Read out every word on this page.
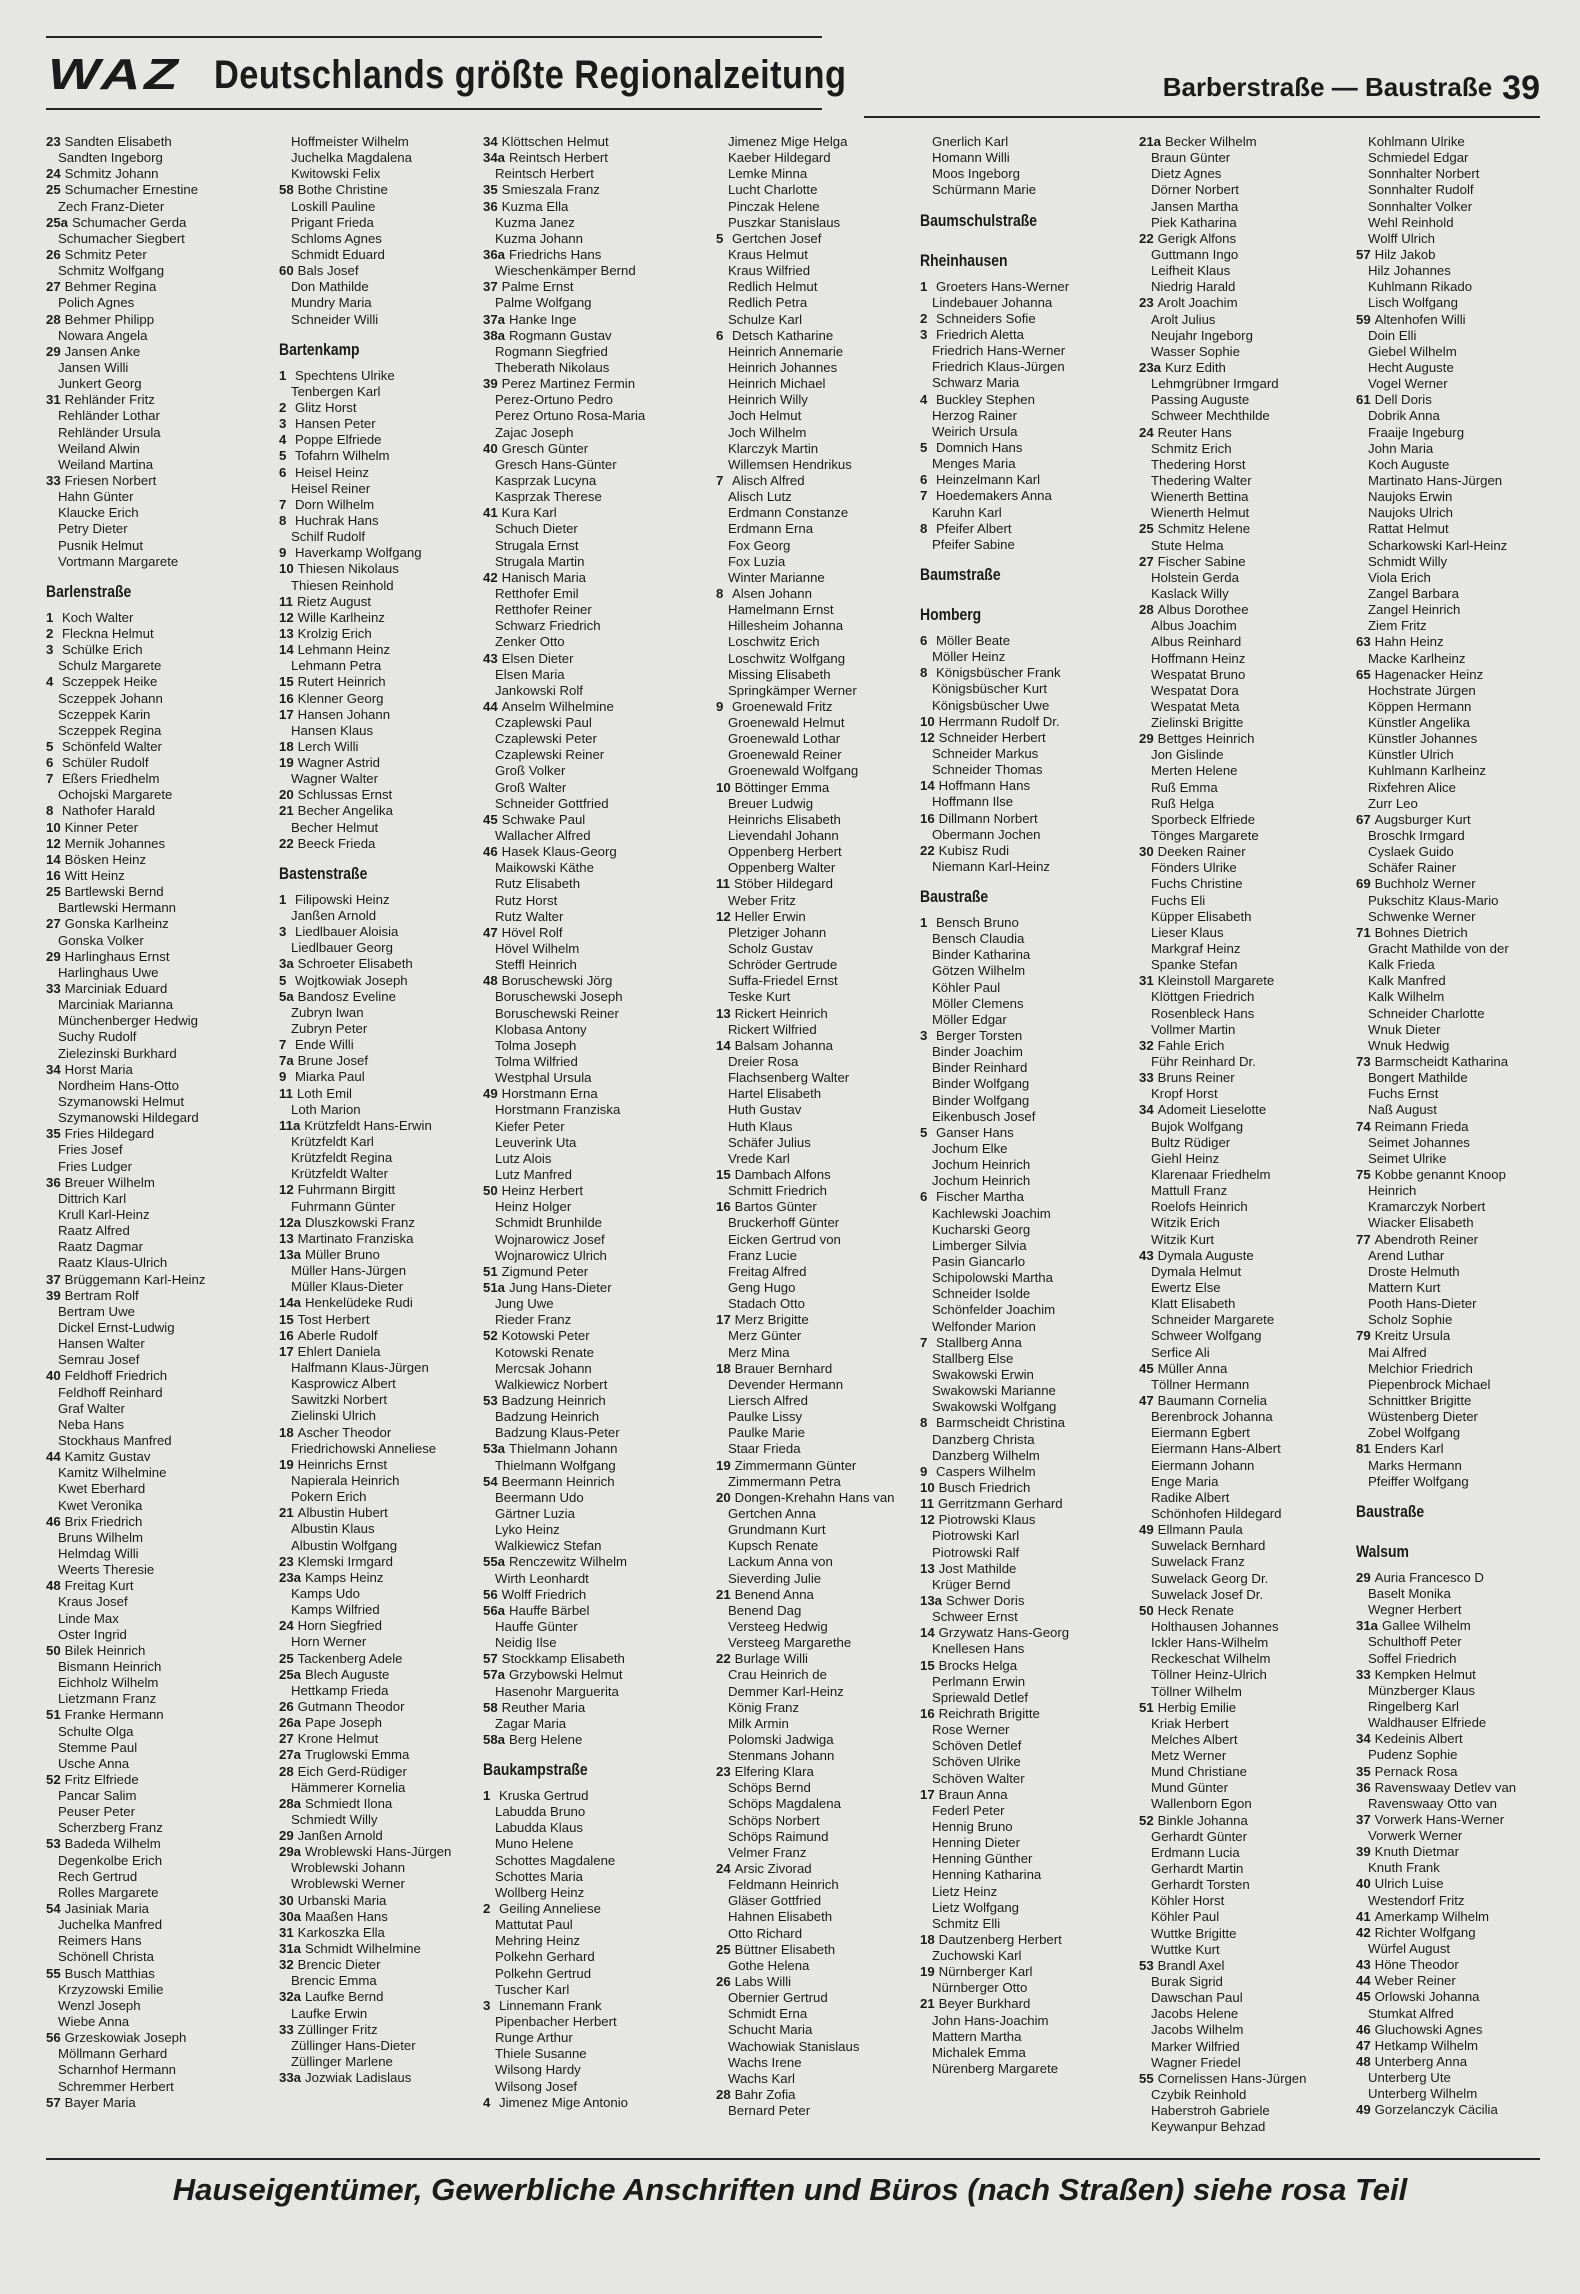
WAZ Deutschlands größte Regionalzeitung	Barberstraße — Baustraße 39
23 Sandten Elisabeth
Sandten Ingeborg
24 Schmitz Johann
25 Schumacher Ernestine
Zech Franz-Dieter
25a Schumacher Gerda
Schumacher Siegbert
26 Schmitz Peter
Schmitz Wolfgang
27 Behmer Regina
Polich Agnes
28 Behmer Philipp
Nowara Angela
29 Jansen Anke
Jansen Willi
Junkert Georg
31 Rehländer Fritz
Rehländer Lothar
Rehländer Ursula
Weiland Alwin
Weiland Martina
33 Friesen Norbert
Hahn Günter
Klaucke Erich
Petry Dieter
Pusnik Helmut
Vortmann Margarete
Barlenstraße
1 Koch Walter
2 Fleckna Helmut
3 Schülke Erich
Schulz Margarete
4 Sczeppek Heike
Sczeppek Johann
Sczeppek Karin
Sczeppek Regina
5 Schönfeld Walter
6 Schüler Rudolf
7 Eßers Friedhelm
Ochojski Margarete
8 Nathofer Harald
10 Kinner Peter
12 Mernik Johannes
14 Bösken Heinz
16 Witt Heinz
25 Bartlewski Bernd
Bartlewski Hermann
27 Gonska Karlheinz
Gonska Volker
29 Harlinghaus Ernst
Harlinghaus Uwe
33 Marciniak Eduard
Marciniak Marianna
Münchenberger Hedwig
Suchy Rudolf
Zielezinski Burkhard
34 Horst Maria
Nordheim Hans-Otto
Szymanowski Helmut
Szymanowski Hildegard
35 Fries Hildegard
Fries Josef
Fries Ludger
36 Breuer Wilhelm
Dittrich Karl
Krull Karl-Heinz
Raatz Alfred
Raatz Dagmar
Raatz Klaus-Ulrich
37 Brüggemann Karl-Heinz
39 Bertram Rolf
Bertram Uwe
Dickel Ernst-Ludwig
Hansen Walter
Semrau Josef
40 Feldhoff Friedrich
Feldhoff Reinhard
Graf Walter
Neba Hans
Stockhaus Manfred
44 Kamitz Gustav
Kamitz Wilhelmine
Kwet Eberhard
Kwet Veronika
46 Brix Friedrich
Bruns Wilhelm
Helmdag Willi
Weerts Theresie
48 Freitag Kurt
Kraus Josef
Linde Max
Oster Ingrid
50 Bilek Heinrich
Bismann Heinrich
Eichholz Wilhelm
Lietzmann Franz
51 Franke Hermann
Schulte Olga
Stemme Paul
Usche Anna
52 Fritz Elfriede
Pancar Salim
Peuser Peter
Scherzberg Franz
53 Badeda Wilhelm
Degenkolbe Erich
Rech Gertrud
Rolles Margarete
54 Jasiniak Maria
Juchelka Manfred
Reimers Hans
Schönell Christa
55 Busch Matthias
Krzyzowski Emilie
Wenzl Joseph
Wiebe Anna
56 Grzeskowiak Joseph
Möllmann Gerhard
Scharnhof Hermann
Schremmer Herbert
57 Bayer Maria
Hoffmeister Wilhelm
Juchelka Magdalena
Kwitowski Felix
58 Bothe Christine
Loskill Pauline
Prigant Frieda
Schloms Agnes
Schmidt Eduard
60 Bals Josef
Don Mathilde
Mundry Maria
Schneider Willi
Bartenkamp
1 Spechtens Ulrike
Tenbergen Karl
2 Glitz Horst
3 Hansen Peter
4 Poppe Elfriede
5 Tofahrn Wilhelm
6 Heisel Heinz
Heisel Reiner
7 Dorn Wilhelm
8 Huchrak Hans
Schilf Rudolf
9 Haverkamp Wolfgang
10 Thiesen Nikolaus
Thiesen Reinhold
11 Rietz August
12 Wille Karlheinz
13 Krolzig Erich
14 Lehmann Heinz
Lehmann Petra
15 Rutert Heinrich
16 Klenner Georg
17 Hansen Johann
Hansen Klaus
18 Lerch Willi
19 Wagner Astrid
Wagner Walter
20 Schlussas Ernst
21 Becher Angelika
Becher Helmut
22 Beeck Frieda
Bastenstraße
1 Filipowski Heinz
Janßen Arnold
3 Liedlbauer Aloisia
Liedlbauer Georg
3a Schroeter Elisabeth
5 Wojtkowiak Joseph
5a Bandosz Eveline
Zubryn Iwan
Zubryn Peter
7 Ende Willi
7a Brune Josef
9 Miarka Paul
11 Loth Emil
Loth Marion
11a Krützfeldt Hans-Erwin
Krützfeldt Karl
Krützfeldt Regina
Krützfeldt Walter
12 Fuhrmann Birgitt
Fuhrmann Günter
12a Dluszkowski Franz
13 Martinato Franziska
13a Müller Bruno
Müller Hans-Jürgen
Müller Klaus-Dieter
14a Henkelüdeke Rudi
15 Tost Herbert
16 Aberle Rudolf
17 Ehlert Daniela
Halfmann Klaus-Jürgen
Kasprowicz Albert
Sawitzki Norbert
Zielinski Ulrich
18 Ascher Theodor
Friedrichowski Anneliese
19 Heinrichs Ernst
Napierala Heinrich
Pokern Erich
21 Albustin Hubert
Albustin Klaus
Albustin Wolfgang
23 Klemski Irmgard
23a Kamps Heinz
Kamps Udo
Kamps Wilfried
24 Horn Siegfried
Horn Werner
25 Tackenberg Adele
25a Blech Auguste
Hettkamp Frieda
26 Gutmann Theodor
26a Pape Joseph
27 Krone Helmut
27a Truglowski Emma
28 Eich Gerd-Rüdiger
Hämmerer Kornelia
28a Schmiedt Ilona
Schmiedt Willy
29 Janßen Arnold
29a Wroblewski Hans-Jürgen
Wroblewski Johann
Wroblewski Werner
30 Urbanski Maria
30a Maaßen Hans
31 Karkoszka Ella
31a Schmidt Wilhelmine
32 Brencic Dieter
Brencic Emma
32a Laufke Bernd
Laufke Erwin
33 Züllinger Fritz
Züllinger Hans-Dieter
Züllinger Marlene
33a Jozwiak Ladislaus
34 Klöttschen Helmut
34a Reintsch Herbert
Reintsch Herbert
35 Smieszala Franz
36 Kuzma Ella
Kuzma Janez
Kuzma Johann
36a Friedrichs Hans
Wieschenkämper Bernd
37 Palme Ernst
Palme Wolfgang
37a Hanke Inge
38a Rogmann Gustav
Rogmann Siegfried
Theberath Nikolaus
39 Perez Martinez Fermin
Perez-Ortuno Pedro
Perez Ortuno Rosa-Maria
Zajac Joseph
40 Gresch Günter
Gresch Hans-Günter
Kasprzak Lucyna
Kasprzak Therese
41 Kura Karl
Schuch Dieter
Strugala Ernst
Strugala Martin
42 Hanisch Maria
Retthofer Emil
Retthofer Reiner
Schwarz Friedrich
Zenker Otto
43 Elsen Dieter
Elsen Maria
Jankowski Rolf
44 Anselm Wilhelmine
Czaplewski Paul
Czaplewski Peter
Czaplewski Reiner
Groß Volker
Groß Walter
Schneider Gottfried
45 Schwake Paul
Wallacher Alfred
46 Hasek Klaus-Georg
Maikowski Käthe
Rutz Elisabeth
Rutz Horst
Rutz Walter
47 Hövel Rolf
Hövel Wilhelm
Steffl Heinrich
48 Boruschewski Jörg
Boruschewski Joseph
Boruschewski Reiner
Klobasa Antony
Tolma Joseph
Tolma Wilfried
Westphal Ursula
49 Horstmann Erna
Horstmann Franziska
Kiefer Peter
Leuverink Uta
Lutz Alois
Lutz Manfred
50 Heinz Herbert
Heinz Holger
Schmidt Brunhilde
Wojnarowicz Josef
Wojnarowicz Ulrich
51 Zigmund Peter
51a Jung Hans-Dieter
Jung Uwe
Rieder Franz
52 Kotowski Peter
Kotowski Renate
Mercsak Johann
Walkiewicz Norbert
53 Badzung Heinrich
Badzung Heinrich
Badzung Klaus-Peter
53a Thielmann Johann
Thielmann Wolfgang
54 Beermann Heinrich
Beermann Udo
Gärtner Luzia
Lyko Heinz
Walkiewicz Stefan
55a Renczewitz Wilhelm
Wirth Leonhardt
56 Wolff Friedrich
56a Hauffe Bärbel
Hauffe Günter
Neidig Ilse
57 Stockkamp Elisabeth
57a Grzybowski Helmut
Hasenohr Marguerita
58 Reuther Maria
Zagar Maria
58a Berg Helene
Baukampstraße
1 Kruska Gertrud
Labudda Bruno
Labudda Klaus
Muno Helene
Schottes Magdalene
Schottes Maria
Wollberg Heinz
2 Geiling Anneliese
Mattutat Paul
Mehring Heinz
Polkehn Gerhard
Polkehn Gertrud
Tuscher Karl
3 Linnemann Frank
Pipenbacher Herbert
Runge Arthur
Thiele Susanne
Wilsong Hardy
Wilsong Josef
4 Jimenez Mige Antonio
Jimenez Mige Helga
Kaeber Hildegard
Lemke Minna
Lucht Charlotte
Pinczak Helene
Puszkar Stanislaus
5 Gertchen Josef
Kraus Helmut
Kraus Wilfried
Redlich Helmut
Redlich Petra
Schulze Karl
6 Detsch Katharine
Heinrich Annemarie
Heinrich Johannes
Heinrich Michael
Heinrich Willy
Joch Helmut
Joch Wilhelm
Klarczyk Martin
Willemsen Hendrikus
7 Alisch Alfred
Alisch Lutz
Erdmann Constanze
Erdmann Erna
Fox Georg
Fox Luzia
Winter Marianne
8 Alsen Johann
Hamelmann Ernst
Hillesheim Johanna
Loschwitz Erich
Loschwitz Wolfgang
Missing Elisabeth
Springkämper Werner
9 Groenewald Fritz
Groenewald Helmut
Groenewald Lothar
Groenewald Reiner
Groenewald Wolfgang
10 Böttinger Emma
Breuer Ludwig
Heinrichs Elisabeth
Lievendahl Johann
Oppenberg Herbert
Oppenberg Walter
11 Stöber Hildegard
Weber Fritz
12 Heller Erwin
Pletziger Johann
Scholz Gustav
Schröder Gertrude
Suffa-Friedel Ernst
Teske Kurt
13 Rickert Heinrich
Rickert Wilfried
14 Balsam Johanna
Dreier Rosa
Flachsenberg Walter
Hartel Elisabeth
Huth Gustav
Huth Klaus
Schäfer Julius
Vrede Karl
15 Dambach Alfons
Schmitt Friedrich
16 Bartos Günter
Bruckerhoff Günter
Eicken Gertrud von
Franz Lucie
Freitag Alfred
Geng Hugo
Stadach Otto
17 Merz Brigitte
Merz Günter
Merz Mina
18 Brauer Bernhard
Devender Hermann
Liersch Alfred
Paulke Lissy
Paulke Marie
Staar Frieda
19 Zimmermann Günter
Zimmermann Petra
20 Dongen-Krehahn Hans van
Gertchen Anna
Grundmann Kurt
Kupsch Renate
Lackum Anna von
Sieverding Julie
21 Benend Anna
Benend Dag
Versteeg Hedwig
Versteeg Margarethe
22 Burlage Willi
Crau Heinrich de
Demmer Karl-Heinz
König Franz
Milk Armin
Polomski Jadwiga
Stenmans Johann
23 Elfering Klara
Schöps Bernd
Schöps Magdalena
Schöps Norbert
Schöps Raimund
Velmer Franz
24 Arsic Zivorad
Feldmann Heinrich
Gläser Gottfried
Hahnen Elisabeth
Otto Richard
25 Büttner Elisabeth
Gothe Helena
26 Labs Willi
Obernier Gertrud
Schmidt Erna
Schucht Maria
Wachowiak Stanislaus
Wachs Irene
Wachs Karl
28 Bahr Zofia
Bernard Peter
Gnerlich Karl
Homann Willi
Moos Ingeborg
Schürmann Marie
Baumschulstraße
Rheinhausen
1 Groeters Hans-Werner
Lindebauer Johanna
2 Schneiders Sofie
3 Friedrich Aletta
Friedrich Hans-Werner
Friedrich Klaus-Jürgen
Schwarz Maria
4 Buckley Stephen
Herzog Rainer
Weirich Ursula
5 Domnich Hans
Menges Maria
6 Heinzelmann Karl
7 Hoedemakers Anna
Karuhn Karl
8 Pfeifer Albert
Pfeifer Sabine
Baumstraße
Homberg
6 Möller Beate
Möller Heinz
8 Königsbüscher Frank
Königsbüscher Kurt
Königsbüscher Uwe
10 Herrmann Rudolf Dr.
12 Schneider Herbert
Schneider Markus
Schneider Thomas
14 Hoffmann Hans
Hoffmann Ilse
16 Dillmann Norbert
Obermann Jochen
22 Kubisz Rudi
Niemann Karl-Heinz
Baustraße
1 Bensch Bruno
Bensch Claudia
Binder Katharina
Götzen Wilhelm
Köhler Paul
Möller Clemens
Möller Edgar
3 Berger Torsten
Binder Joachim
Binder Reinhard
Binder Wolfgang
Binder Wolfgang
Eikenbusch Josef
5 Ganser Hans
Jochum Elke
Jochum Heinrich
Jochum Heinrich
6 Fischer Martha
Kachlewski Joachim
Kucharski Georg
Limberger Silvia
Pasin Giancarlo
Schipolowski Martha
Schneider Isolde
Schönfelder Joachim
Welfonder Marion
7 Stallberg Anna
Stallberg Else
Swakowski Erwin
Swakowski Marianne
Swakowski Wolfgang
8 Barmscheidt Christina
Danzberg Christa
Danzberg Wilhelm
9 Caspers Wilhelm
10 Busch Friedrich
11 Gerritzmann Gerhard
12 Piotrowski Klaus
Piotrowski Karl
Piotrowski Ralf
13 Jost Mathilde
Krüger Bernd
13a Schwer Doris
Schweer Ernst
14 Grzywatz Hans-Georg
Knellesen Hans
15 Brocks Helga
Perlmann Erwin
Spriewald Detlef
16 Reichrath Brigitte
Rose Werner
Schöven Detlef
Schöven Ulrike
Schöven Walter
17 Braun Anna
Federl Peter
Hennig Bruno
Henning Dieter
Henning Günther
Henning Katharina
Lietz Heinz
Lietz Wolfgang
Schmitz Elli
18 Dautzenberg Herbert
Zuchowski Karl
19 Nürnberger Karl
Nürnberger Otto
21 Beyer Burkhard
John Hans-Joachim
Mattern Martha
Michalek Emma
Nürenberg Margarete
21a Becker Wilhelm
Braun Günter
Dietz Agnes
Dörner Norbert
Jansen Martha
Piek Katharina
22 Gerigk Alfons
Guttmann Ingo
Leifheit Klaus
Niedrig Harald
23 Arolt Joachim
Arolt Julius
Neujahr Ingeborg
Wasser Sophie
23a Kurz Edith
Lehmgrübner Irmgard
Passing Auguste
Schweer Mechthilde
24 Reuter Hans
Schmitz Erich
Thedering Horst
Thedering Walter
Wienerth Bettina
Wienerth Helmut
25 Schmitz Helene
Stute Helma
27 Fischer Sabine
Holstein Gerda
Kaslack Willy
28 Albus Dorothee
Albus Joachim
Albus Reinhard
Hoffmann Heinz
Wespatat Bruno
Wespatat Dora
Wespatat Meta
Zielinski Brigitte
29 Bettges Heinrich
Jon Gislinde
Merten Helene
Ruß Emma
Ruß Helga
Sporbeck Elfriede
Tönges Margarete
30 Deeken Rainer
Fönders Ulrike
Fuchs Christine
Fuchs Eli
Küpper Elisabeth
Lieser Klaus
Markgraf Heinz
Spanke Stefan
31 Kleinstoll Margarete
Klöttgen Friedrich
Rosenbleck Hans
Vollmer Martin
32 Fahle Erich
Führ Reinhard Dr.
33 Bruns Reiner
Kropf Horst
34 Adomeit Lieselotte
Bujok Wolfgang
Bultz Rüdiger
Giehl Heinz
Klarenaar Friedhelm
Mattull Franz
Roelofs Heinrich
Witzik Erich
Witzik Kurt
43 Dymala Auguste
Dymala Helmut
Ewertz Else
Klatt Elisabeth
Schneider Margarete
Schweer Wolfgang
Serfice Ali
45 Müller Anna
Töllner Hermann
47 Baumann Cornelia
Berenbrock Johanna
Eiermann Egbert
Eiermann Hans-Albert
Eiermann Johann
Enge Maria
Radike Albert
Schönhofen Hildegard
49 Ellmann Paula
Suwelack Bernhard
Suwelack Franz
Suwelack Georg Dr.
Suwelack Josef Dr.
50 Heck Renate
Holthausen Johannes
Ickler Hans-Wilhelm
Reckeschat Wilhelm
Töllner Heinz-Ulrich
Töllner Wilhelm
51 Herbig Emilie
Kriak Herbert
Melches Albert
Metz Werner
Mund Christiane
Mund Günter
Wallenborn Egon
52 Binkle Johanna
Gerhardt Günter
Erdmann Lucia
Gerhardt Martin
Gerhardt Torsten
Köhler Horst
Köhler Paul
Wuttke Brigitte
Wuttke Kurt
53 Brandl Axel
Burak Sigrid
Dawschan Paul
Jacobs Helene
Jacobs Wilhelm
Marker Wilfried
Wagner Friedel
55 Cornelissen Hans-Jürgen
Czybik Reinhold
Haberstroh Gabriele
Keywanpur Behzad
Kohlmann Ulrike
Schmiedel Edgar
Sonnhalter Norbert
Sonnhalter Rudolf
Sonnhalter Volker
Wehl Reinhold
Wolff Ulrich
57 Hilz Jakob
Hilz Johannes
Kuhlmann Rikado
Lisch Wolfgang
59 Altenhofen Willi
Doin Elli
Giebel Wilhelm
Hecht Auguste
Vogel Werner
61 Dell Doris
Dobrik Anna
Fraaije Ingeburg
John Maria
Koch Auguste
Martinato Hans-Jürgen
Naujoks Erwin
Naujoks Ulrich
Rattat Helmut
Scharkowski Karl-Heinz
Schmidt Willy
Viola Erich
Zangel Barbara
Zangel Heinrich
Ziem Fritz
63 Hahn Heinz
Macke Karlheinz
65 Hagenacker Heinz
Hochstrate Jürgen
Köppen Hermann
Künstler Angelika
Künstler Johannes
Künstler Ulrich
Kuhlmann Karlheinz
Rixfehren Alice
Zurr Leo
67 Augsburger Kurt
Broschk Irmgard
Cyslaek Guido
Schäfer Rainer
69 Buchholz Werner
Pukschitz Klaus-Mario
Schwenke Werner
71 Bohnes Dietrich
Gracht Mathilde von der
Kalk Frieda
Kalk Manfred
Kalk Wilhelm
Schneider Charlotte
Wnuk Dieter
Wnuk Hedwig
73 Barmscheidt Katharina
Bongert Mathilde
Fuchs Ernst
Naß August
74 Reimann Frieda
Seimet Johannes
Seimet Ulrike
75 Kobbe genannt Knoop
Heinrich
Kramarczyk Norbert
Wiacker Elisabeth
77 Abendroth Reiner
Arend Luthar
Droste Helmuth
Mattern Kurt
Pooth Hans-Dieter
Scholz Sophie
79 Kreitz Ursula
Mai Alfred
Melchior Friedrich
Piepenbrock Michael
Schnittker Brigitte
Wüstenberg Dieter
Zobel Wolfgang
81 Enders Karl
Marks Hermann
Pfeiffer Wolfgang
Baustraße
Walsum
29 Auria Francesco D
Baselt Monika
Wegner Herbert
31a Gallee Wilhelm
Schulthoff Peter
Soffel Friedrich
33 Kempken Helmut
Münzberger Klaus
Ringelberg Karl
Waldhauser Elfriede
34 Kedeinis Albert
Pudenz Sophie
35 Pernack Rosa
36 Ravenswaay Detlev van
Ravenswaay Otto van
37 Vorwerk Hans-Werner
Vorwerk Werner
39 Knuth Dietmar
Knuth Frank
40 Ulrich Luise
Westendorf Fritz
41 Amerkamp Wilhelm
42 Richter Wolfgang
Würfel August
43 Höne Theodor
44 Weber Reiner
45 Orlowski Johanna
Stumkat Alfred
46 Gluchowski Agnes
47 Hetkamp Wilhelm
48 Unterberg Anna
Unterberg Ute
Unterberg Wilhelm
49 Gorzelanczyk Cäcilia
Hauseigentümer, Gewerbliche Anschriften und Büros (nach Straßen) siehe rosa Teil
